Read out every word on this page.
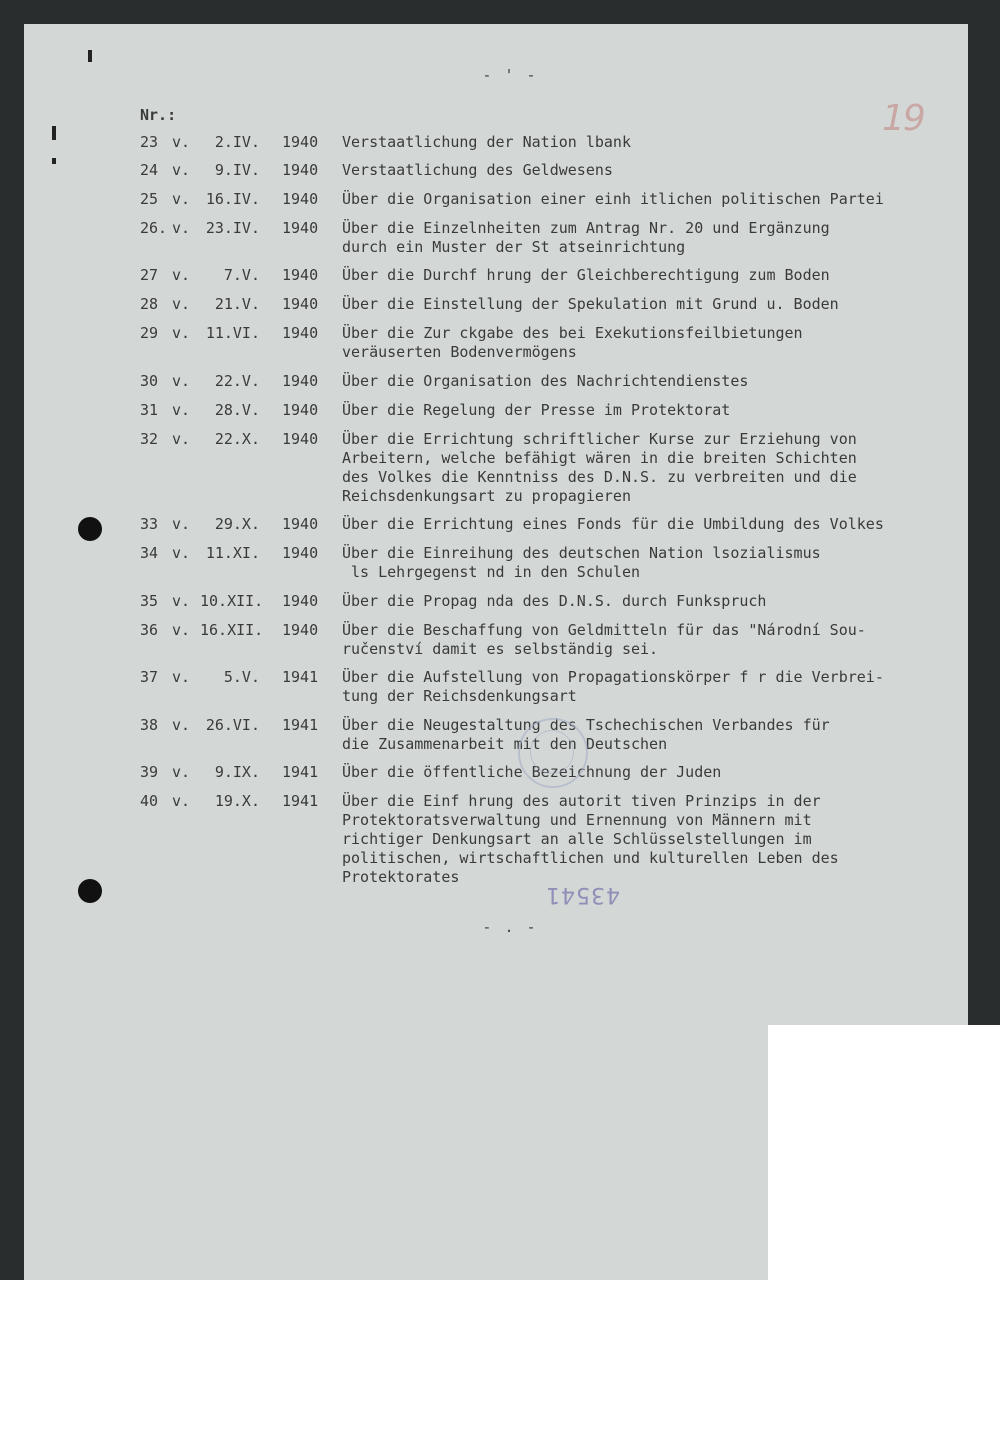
- ' -
19
Nr.:
23 v.	2.IV. 1940 Verstaatlichung der Nation lbank
24 v.	9.IV. 1940 Verstaatlichung des Geldwesens
25 v.	16.IV. 1940 Über die Organisation einer einh itlichen politischen Partei
26. v.	23.IV. 1940 Über die Einzelnheiten zum Antrag Nr. 20 und Ergänzung
durch ein Muster der St atseinrichtung
27 v.	7.V. 1940 Über die Durchf hrung der Gleichberechtigung zum Boden
28 v.	21.V. 1940 Über die Einstellung der Spekulation mit Grund u. Boden
29 v.	11.VI. 1940 Über die Zur ckgabe des bei Exekutionsfeilbietungen
veräuserten Bodenvermögens
30 v.	22.V. 1940 Über die Organisation des Nachrichtendienstes
31 v.	28.V. 1940 Über die Regelung der Presse im Protektorat
32 v.	22.X. 1940 Über die Errichtung schriftlicher Kurse zur Erziehung von
Arbeitern, welche befähigt wären in die breiten Schichten
des Volkes die Kenntniss des D.N.S. zu verbreiten und die
Reichsdenkungsart zu propagieren
33 v.	29.X. 1940 Über die Errichtung eines Fonds für die Umbildung des Volkes
34 v.	11.XI. 1940 Über die Einreihung des deutschen Nation lsozialismus
ls Lehrgegenst nd in den Schulen
35 v. 10.XII. 1940 Über die Propag nda des D.N.S. durch Funkspruch
36 v. 16.XII. 1940 Über die Beschaffung von Geldmitteln für das "Národní Sou-
ručenství damit es selbständig sei.
37 v.	5.V. 1941 Über die Aufstellung von Propagationskörper f r die Verbrei-
tung der Reichsdenkungsart
38 v.	26.VI. 1941 Über die Neugestaltung des Tschechischen Verbandes für
die Zusammenarbeit mit den Deutschen
39 v.	9.IX. 1941 Über die öffentliche Bezeichnung der Juden
40 v.	19.X. 1941 Über die Einf hrung des autorit tiven Prinzips in der
Protektoratsverwaltung und Ernennung von Männern mit
richtiger Denkungsart an alle Schlüsselstellungen im
politischen, wirtschaftlichen und kulturellen Leben des
Protektorates
43541
- . -
